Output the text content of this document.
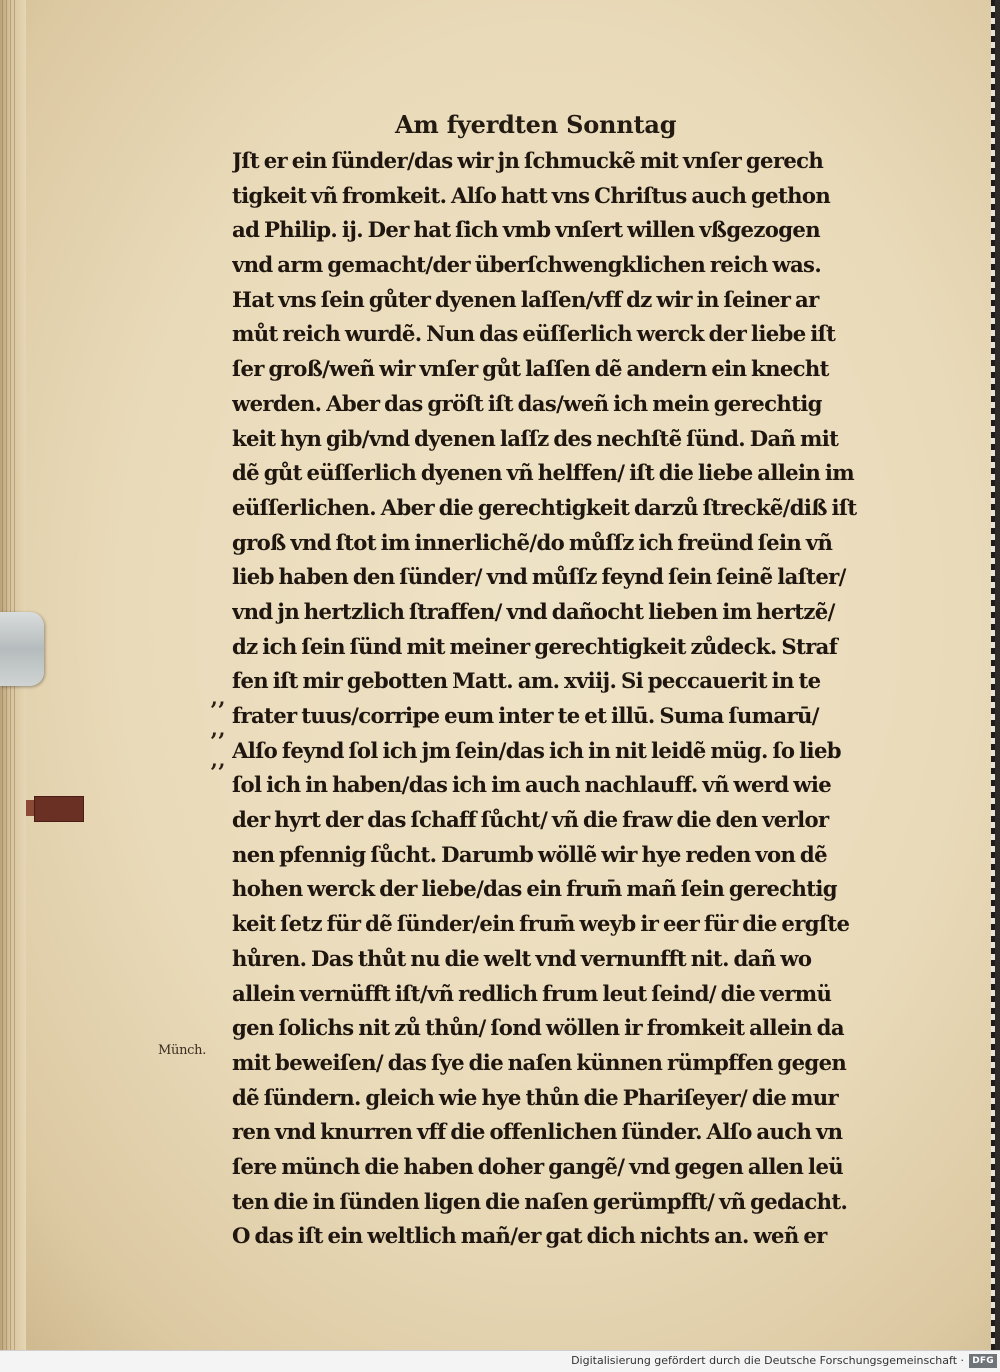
Am fyerdten Sonntag
Jſt er ein ſünder/das wir jn ſchmuckẽ mit vnſer gerech
tigkeit vñ fromkeit. Alſo hatt vns Chriſtus auch gethon
ad Philip. ij. Der hat ſich vmb vnſert willen vßgezogen
vnd arm gemacht/der überſchwengklichen reich was.
Hat vns ſein gůter dyenen laſſen/vff dz wir in ſeiner ar
můt reich wurdẽ. Nun das eüſſerlich werck der liebe iſt
ſer groß/weñ wir vnſer gůt laſſen dẽ andern ein knecht
werden. Aber das gröſt iſt das/weñ ich mein gerechtig
keit hyn gib/vnd dyenen laſſz des nechſtẽ ſünd. Dañ mit
dẽ gůt eüſſerlich dyenen vñ helffen/ iſt die liebe allein im
eüſſerlichen. Aber die gerechtigkeit darzů ſtreckẽ/diß iſt
groß vnd ſtot im innerlichẽ/do můſſz ich freünd ſein vñ
lieb haben den ſünder/ vnd můſſz feynd ſein ſeinẽ laſter/
vnd jn hertzlich ſtraffen/ vnd dañocht lieben im hertzẽ/
dz ich ſein ſünd mit meiner gerechtigkeit zůdeck. Straf
fen iſt mir gebotten Matt. am. xviij. Si peccauerit in te
frater tuus/corripe eum inter te et illū. Suma ſumarū/
Alſo feynd ſol ich jm ſein/das ich in nit leidẽ müg. ſo lieb
ſol ich in haben/das ich im auch nachlauff. vñ werd wie
der hyrt der das ſchaff ſůcht/ vñ die fraw die den verlor
nen pfennig ſůcht. Darumb wöllẽ wir hye reden von dẽ
hohen werck der liebe/das ein frum̄ mañ ſein gerechtig
keit ſetz für dẽ ſünder/ein frum̄ weyb ir eer für die ergſte
hůren. Das thůt nu die welt vnd vernunfft nit. dañ wo
allein vernüfft iſt/vñ redlich frum leut ſeind/ die vermü
gen ſolichs nit zů thůn/ ſond wöllen ir fromkeit allein da
mit beweiſen/ das ſye die naſen künnen rümpffen gegen
dẽ ſündern. gleich wie hye thůn die Phariſeyer/ die mur
ren vnd knurren vff die offenlichen ſünder. Alſo auch vn
ſere münch die haben doher gangẽ/ vnd gegen allen leü
ten die in ſünden ligen die naſen gerümpfft/ vñ gedacht.
O das iſt ein weltlich mañ/er gat dich nichts an. weñ er
’’
’’
’’
Münch.
Digitalisierung gefördert durch die Deutsche Forschungsgemeinschaft · DFG
